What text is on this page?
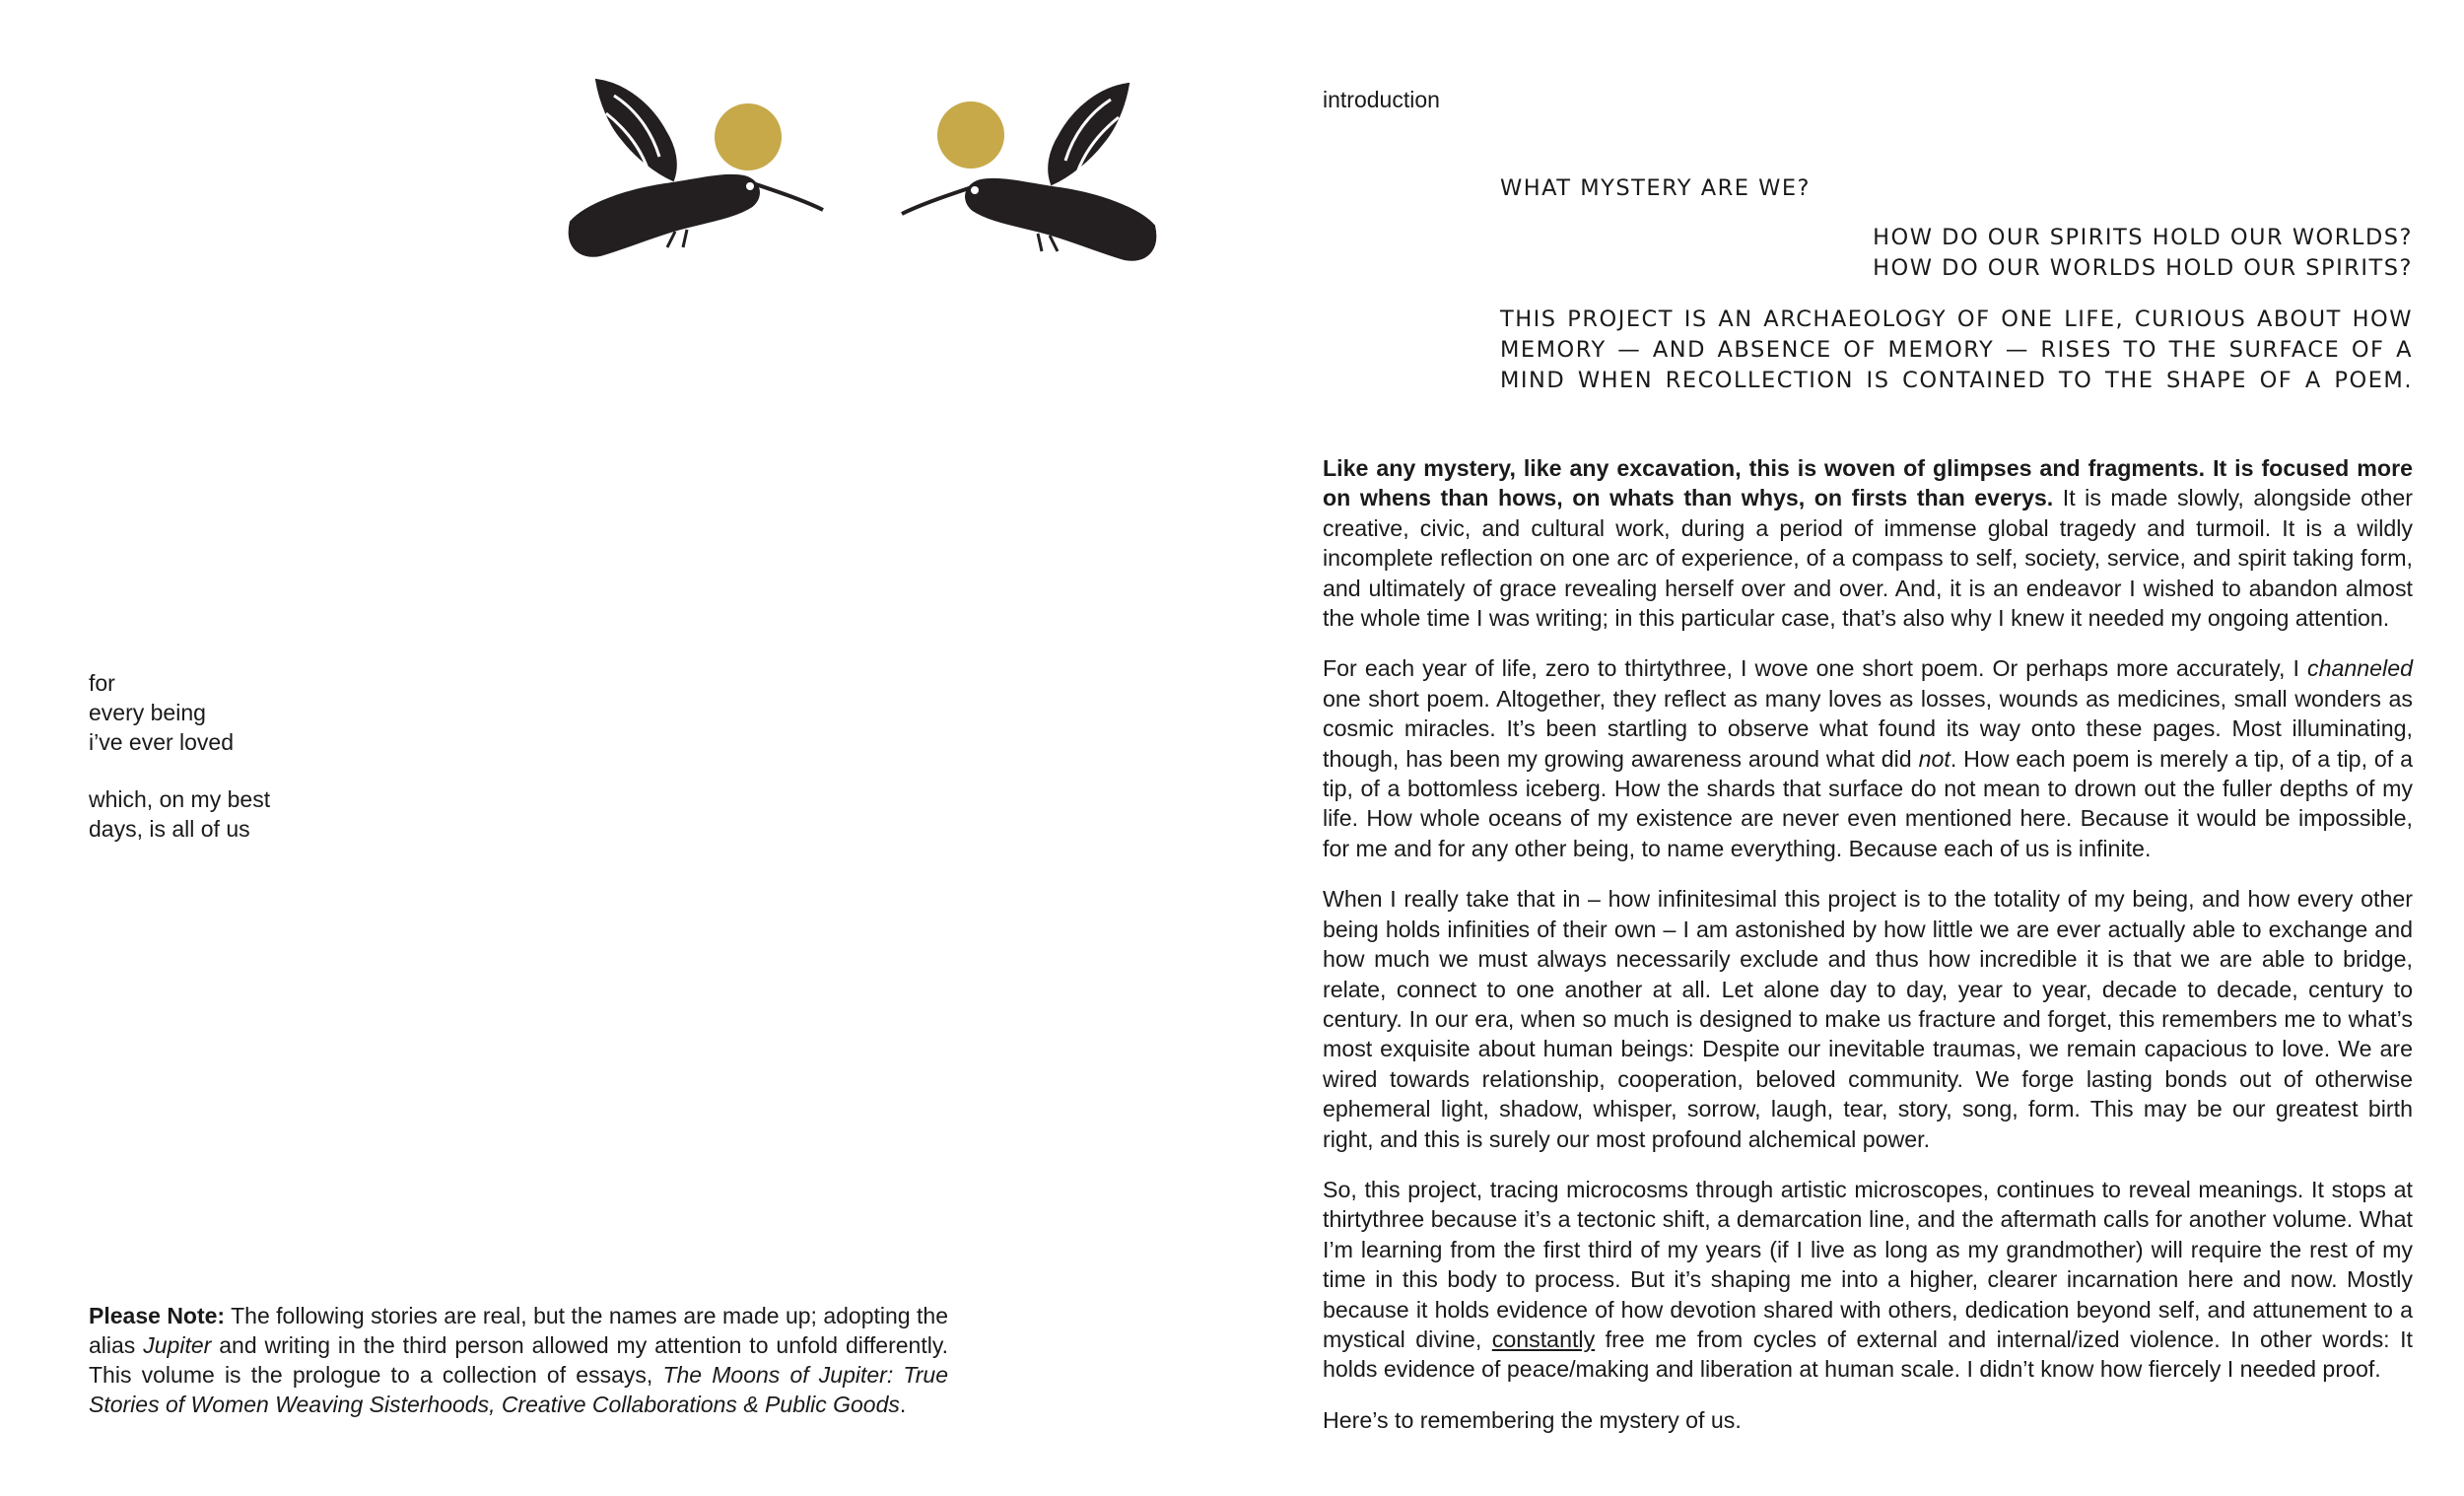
for
every being
i’ve ever loved
which, on my best
days, is all of us
Please Note: The following stories are real, but the names are made up; adopting the alias Jupiter and writing in the third person allowed my attention to unfold differently. This volume is the prologue to a collection of essays, The Moons of Jupiter: True Stories of Women Weaving Sisterhoods, Creative Collaborations & Public Goods.
introduction
WHAT MYSTERY ARE WE?
HOW DO OUR SPIRITS HOLD OUR WORLDS?
HOW DO OUR WORLDS HOLD OUR SPIRITS?
THIS PROJECT IS AN ARCHAEOLOGY OF ONE LIFE, CURIOUS ABOUT HOW
MEMORY — AND ABSENCE OF MEMORY — RISES TO THE SURFACE OF A
MIND WHEN RECOLLECTION IS CONTAINED TO THE SHAPE OF A POEM.

Like any mystery, like any excavation, this is woven of glimpses and fragments. It is focused more on whens than hows, on whats than whys, on firsts than everys. It is made slowly, alongside other creative, civic, and cultural work, during a period of immense global tragedy and turmoil. It is a wildly incomplete reflection on one arc of experience, of a compass to self, society, service, and spirit taking form, and ultimately of grace revealing herself over and over. And, it is an endeavor I wished to abandon almost the whole time I was writing; in this particular case, that’s also why I knew it needed my ongoing attention.

For each year of life, zero to thirtythree, I wove one short poem. Or perhaps more accurately, I channeled one short poem. Altogether, they reflect as many loves as losses, wounds as medicines, small wonders as cosmic miracles. It’s been startling to observe what found its way onto these pages. Most illuminating, though, has been my growing awareness around what did not. How each poem is merely a tip, of a tip, of a tip, of a bottomless iceberg. How the shards that surface do not mean to drown out the fuller depths of my life. How whole oceans of my existence are never even mentioned here. Because it would be impossible, for me and for any other being, to name everything. Because each of us is infinite.

When I really take that in – how infinitesimal this project is to the totality of my being, and how every other being holds infinities of their own – I am astonished by how little we are ever actually able to exchange and how much we must always necessarily exclude and thus how incredible it is that we are able to bridge, relate, connect to one another at all. Let alone day to day, year to year, decade to decade, century to century. In our era, when so much is designed to make us fracture and forget, this remembers me to what’s most exquisite about human beings: Despite our inevitable traumas, we remain capacious to love. We are wired towards relationship, cooperation, beloved community. We forge lasting bonds out of otherwise ephemeral light, shadow, whisper, sorrow, laugh, tear, story, song, form. This may be our greatest birth right, and this is surely our most profound alchemical power.

So, this project, tracing microcosms through artistic microscopes, continues to reveal meanings. It stops at thirtythree because it’s a tectonic shift, a demarcation line, and the aftermath calls for another volume. What I’m learning from the first third of my years (if I live as long as my grandmother) will require the rest of my time in this body to process. But it’s shaping me into a higher, clearer incarnation here and now. Mostly because it holds evidence of how devotion shared with others, dedication beyond self, and attunement to a mystical divine, constantly free me from cycles of external and internal/ized violence. In other words: It holds evidence of peace/making and liberation at human scale. I didn’t know how fiercely I needed proof.

Here’s to remembering the mystery of us.
